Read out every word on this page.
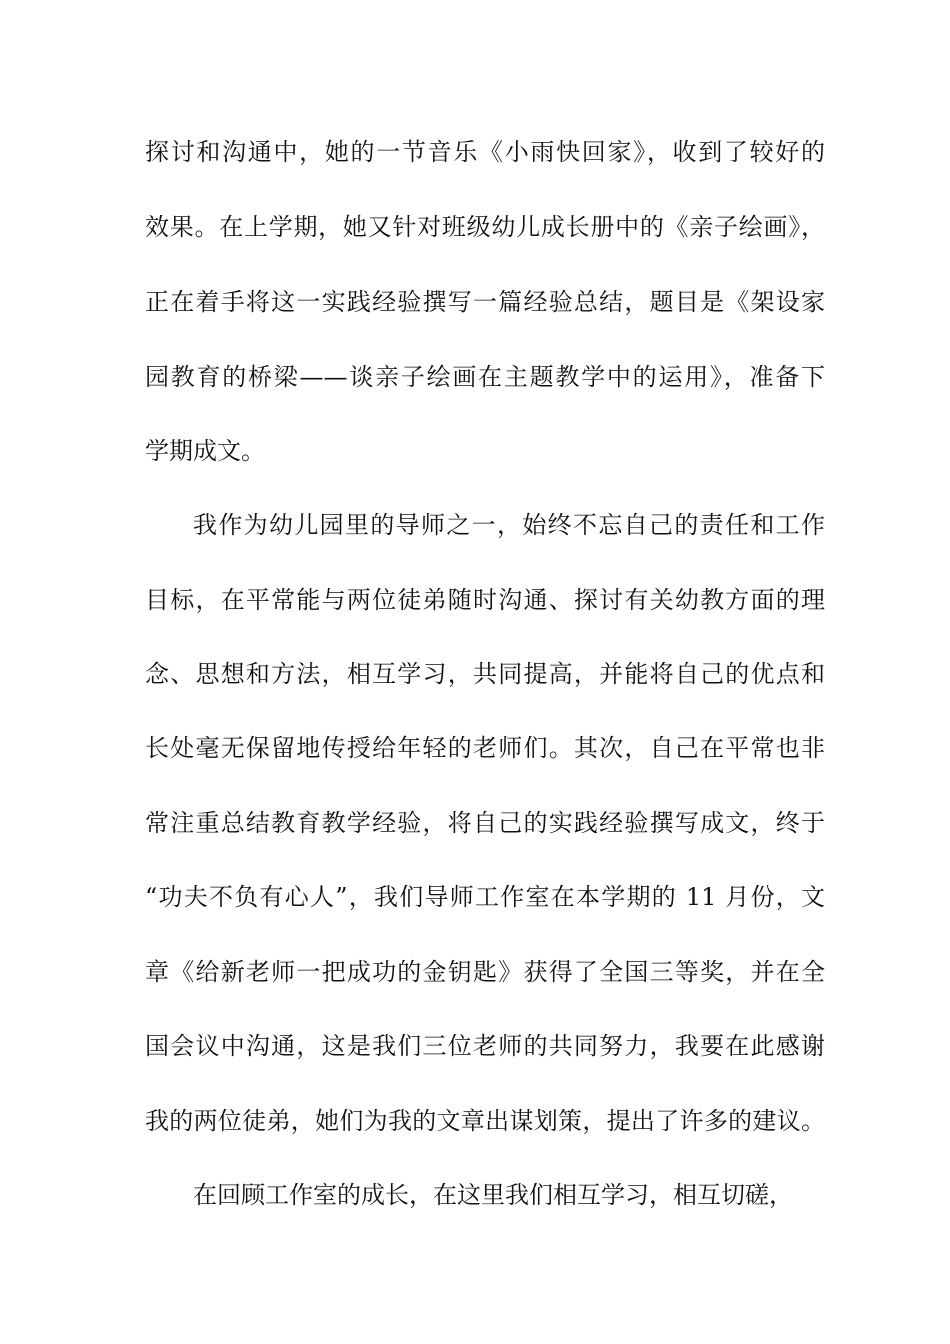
探讨和沟通中，她的一节音乐《小雨快回家》，收到了较好的
效果。在上学期，她又针对班级幼儿成长册中的《亲子绘画》，
正在着手将这一实践经验撰写一篇经验总结，题目是《架设家
园教育的桥梁——谈亲子绘画在主题教学中的运用》，准备下
学期成文。
我作为幼儿园里的导师之一，始终不忘自己的责任和工作
目标，在平常能与两位徒弟随时沟通、探讨有关幼教方面的理
念、思想和方法，相互学习，共同提高，并能将自己的优点和
长处毫无保留地传授给年轻的老师们。其次，自己在平常也非
常注重总结教育教学经验，将自己的实践经验撰写成文，终于
“功夫不负有心人”，我们导师工作室在本学期的 11 月份，文
章《给新老师一把成功的金钥匙》获得了全国三等奖，并在全
国会议中沟通，这是我们三位老师的共同努力，我要在此感谢
我的两位徒弟，她们为我的文章出谋划策，提出了许多的建议。
在回顾工作室的成长，在这里我们相互学习，相互切磋，
